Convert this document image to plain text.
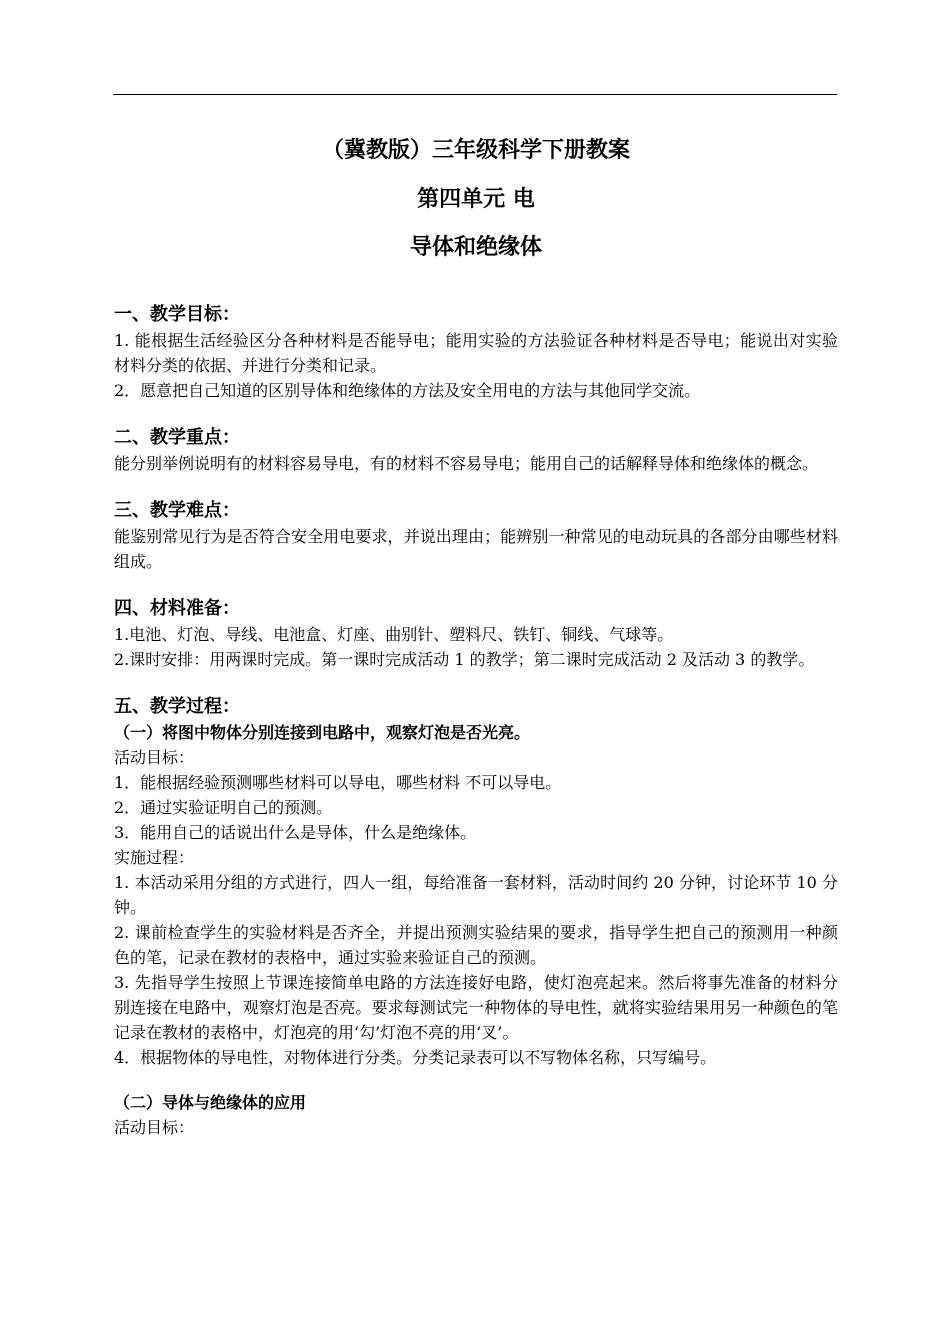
（冀教版）三年级科学下册教案
第四单元 电
导体和绝缘体
一、教学目标：
1. 能根据生活经验区分各种材料是否能导电；能用实验的方法验证各种材料是否导电；能说出对实验材料分类的依据、并进行分类和记录。
2．愿意把自己知道的区别导体和绝缘体的方法及安全用电的方法与其他同学交流。
二、教学重点：
能分别举例说明有的材料容易导电，有的材料不容易导电；能用自己的话解释导体和绝缘体的概念。
三、教学难点：
能鉴别常见行为是否符合安全用电要求，并说出理由；能辨别一种常见的电动玩具的各部分由哪些材料组成。
四、材料准备：
1.电池、灯泡、导线、电池盒、灯座、曲别针、塑料尺、铁钉、铜线、气球等。
2.课时安排：用两课时完成。第一课时完成活动 1 的教学；第二课时完成活动 2 及活动 3 的教学。
五、教学过程：
（一）将图中物体分别连接到电路中，观察灯泡是否光亮。
活动目标：
1．能根据经验预测哪些材料可以导电，哪些材料 不可以导电。
2．通过实验证明自己的预测。
3．能用自己的话说出什么是导体，什么是绝缘体。
实施过程：
1. 本活动采用分组的方式进行，四人一组，每给准备一套材料，活动时间约 20 分钟，讨论环节 10 分钟。
2. 课前检查学生的实验材料是否齐全，并提出预测实验结果的要求，指导学生把自己的预测用一种颜色的笔，记录在教材的表格中，通过实验来验证自己的预测。
3. 先指导学生按照上节课连接简单电路的方法连接好电路，使灯泡亮起来。然后将事先准备的材料分别连接在电路中，观察灯泡是否亮。要求每测试完一种物体的导电性，就将实验结果用另一种颜色的笔记录在教材的表格中，灯泡亮的用‘勾’灯泡不亮的用‘叉’。
4．根据物体的导电性，对物体进行分类。分类记录表可以不写物体名称，只写编号。
（二）导体与绝缘体的应用
活动目标：
